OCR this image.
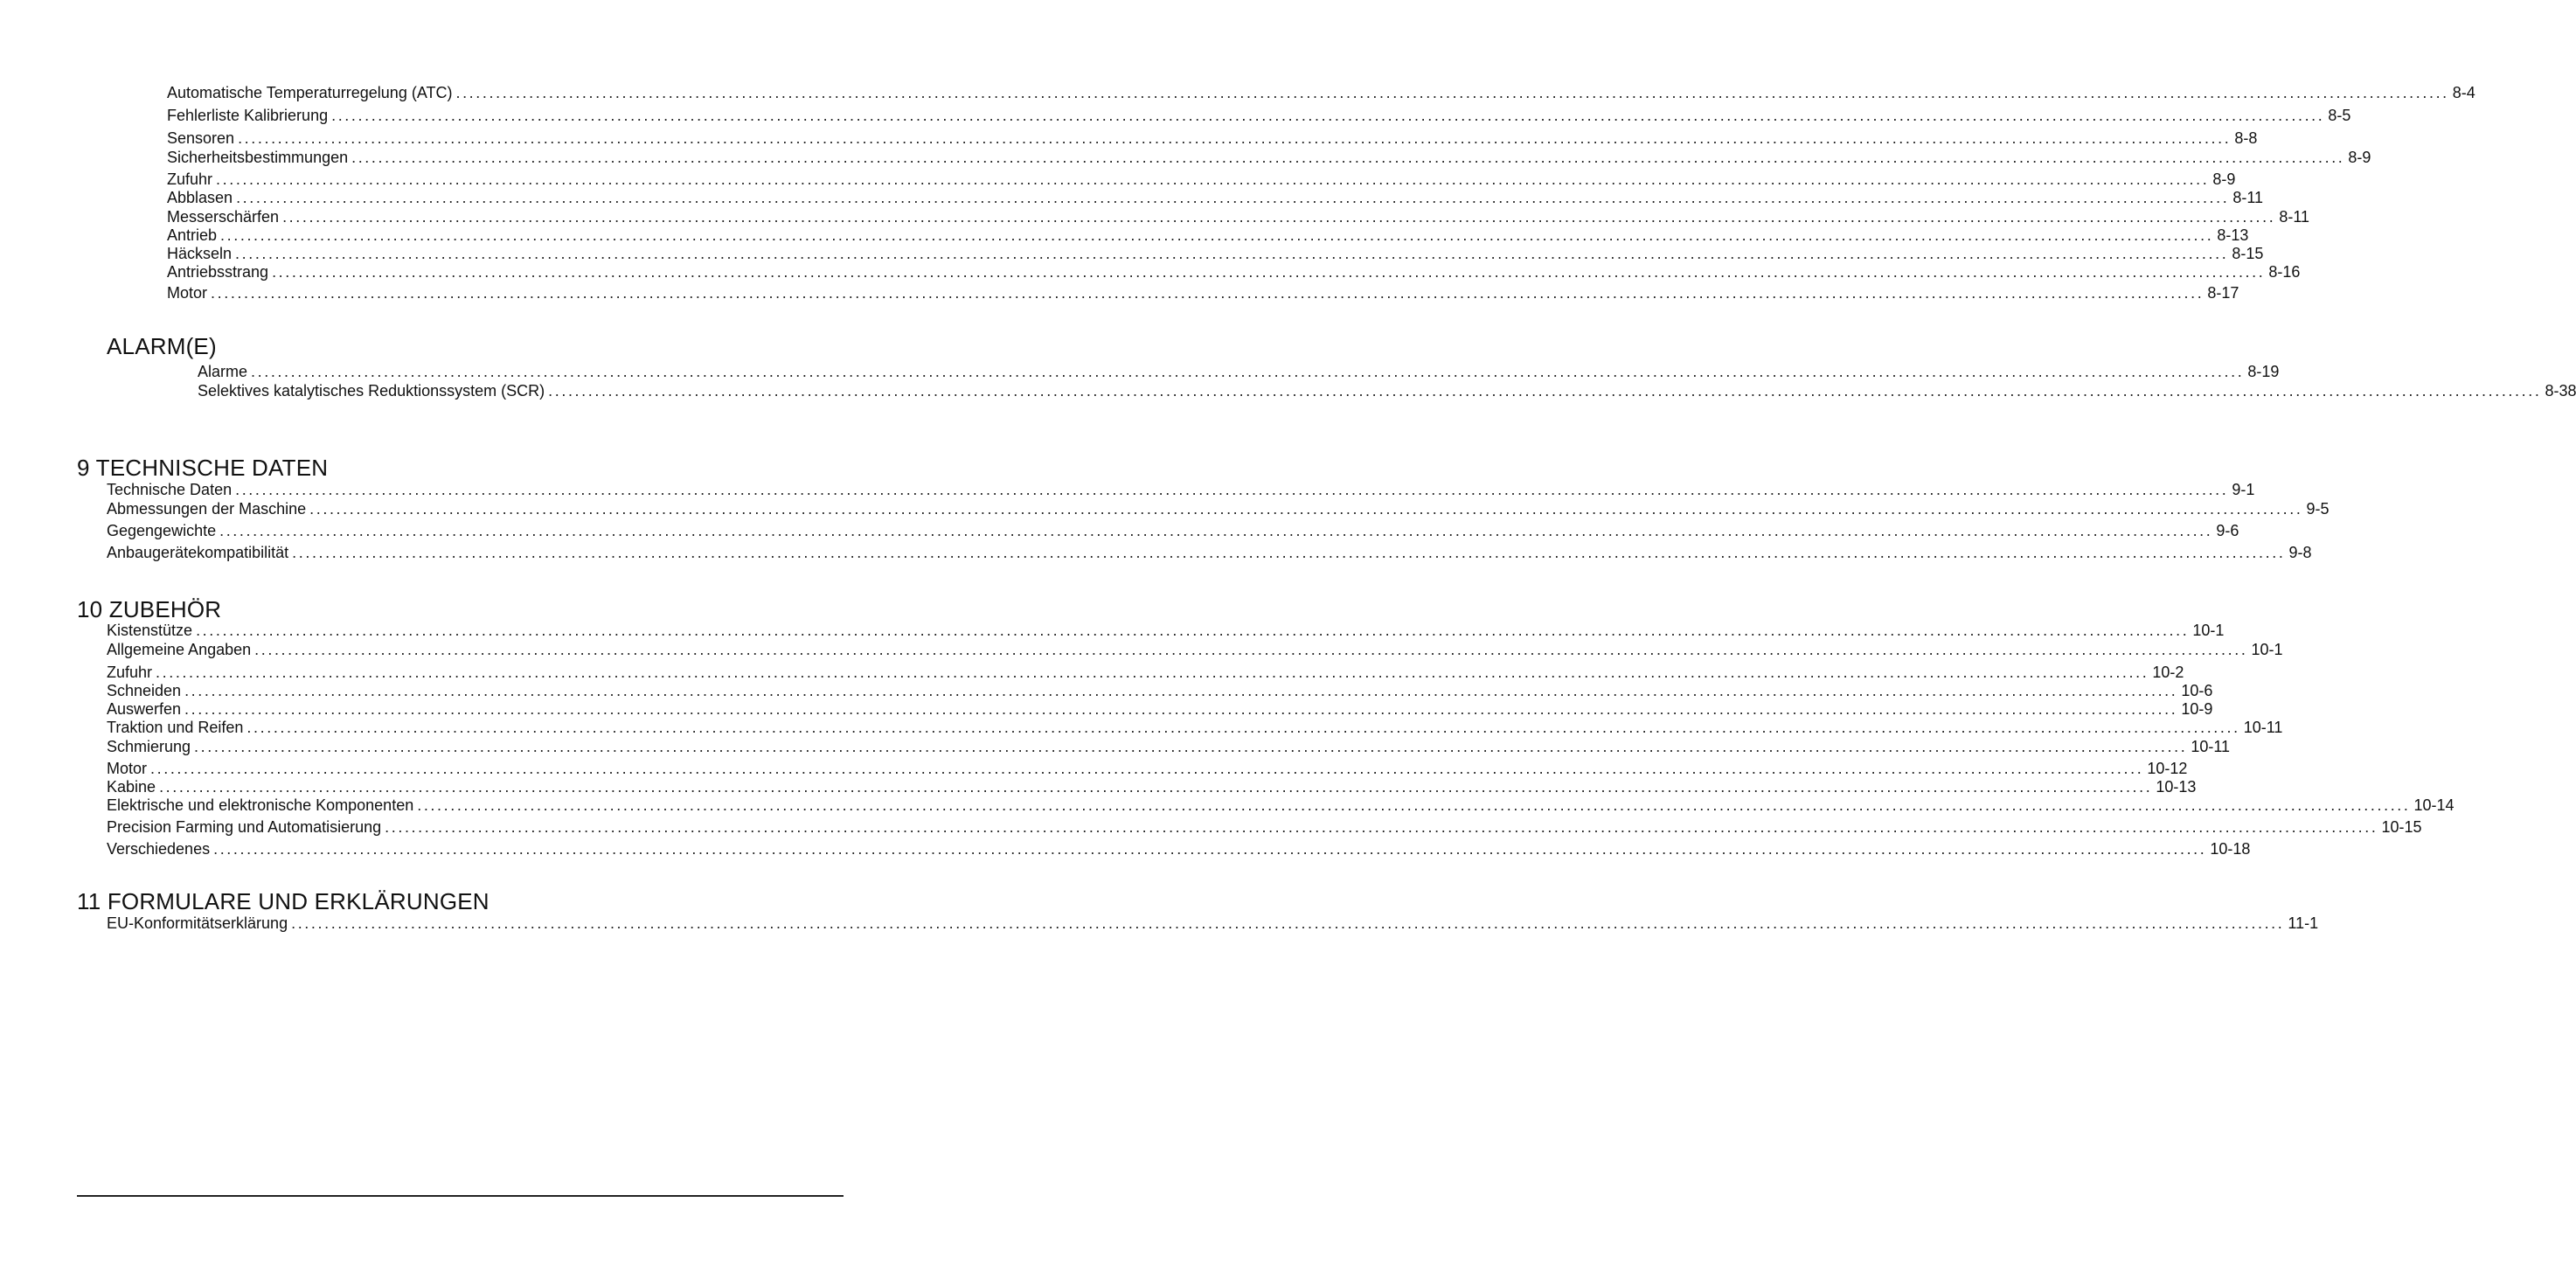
Automatische Temperaturregelung (ATC) ............................................................................................................................................................................................................................................................................................................ 8-4
Fehlerliste Kalibrierung ............................................................................................................................................................................................................................................................................................................ 8-5
Sensoren ............................................................................................................................................................................................................................................................................................................ 8-8
Sicherheitsbestimmungen ............................................................................................................................................................................................................................................................................................................ 8-9
Zufuhr ............................................................................................................................................................................................................................................................................................................ 8-9
Abblasen ............................................................................................................................................................................................................................................................................................................ 8-11
Messerschärfen ............................................................................................................................................................................................................................................................................................................ 8-11
Antrieb ............................................................................................................................................................................................................................................................................................................ 8-13
Häckseln ............................................................................................................................................................................................................................................................................................................ 8-15
Antriebsstrang ............................................................................................................................................................................................................................................................................................................ 8-16
Motor ............................................................................................................................................................................................................................................................................................................ 8-17
ALARM(E)
Alarme ............................................................................................................................................................................................................................................................................................................ 8-19
Selektives katalytisches Reduktionssystem (SCR) ............................................................................................................................................................................................................................................................................................................ 8-38
9 TECHNISCHE DATEN
Technische Daten ............................................................................................................................................................................................................................................................................................................ 9-1
Abmessungen der Maschine ............................................................................................................................................................................................................................................................................................................ 9-5
Gegengewichte ............................................................................................................................................................................................................................................................................................................ 9-6
Anbaugerätekompatibilität ............................................................................................................................................................................................................................................................................................................ 9-8
10 ZUBEHÖR
Kistenstütze ............................................................................................................................................................................................................................................................................................................ 10-1
Allgemeine Angaben ............................................................................................................................................................................................................................................................................................................ 10-1
Zufuhr ............................................................................................................................................................................................................................................................................................................ 10-2
Schneiden ............................................................................................................................................................................................................................................................................................................ 10-6
Auswerfen ............................................................................................................................................................................................................................................................................................................ 10-9
Traktion und Reifen ............................................................................................................................................................................................................................................................................................................ 10-11
Schmierung ............................................................................................................................................................................................................................................................................................................ 10-11
Motor ............................................................................................................................................................................................................................................................................................................ 10-12
Kabine ............................................................................................................................................................................................................................................................................................................ 10-13
Elektrische und elektronische Komponenten ............................................................................................................................................................................................................................................................................................................ 10-14
Precision Farming und Automatisierung ............................................................................................................................................................................................................................................................................................................ 10-15
Verschiedenes ............................................................................................................................................................................................................................................................................................................ 10-18
11 FORMULARE UND ERKLÄRUNGEN
EU-Konformitätserklärung ............................................................................................................................................................................................................................................................................................................ 11-1
